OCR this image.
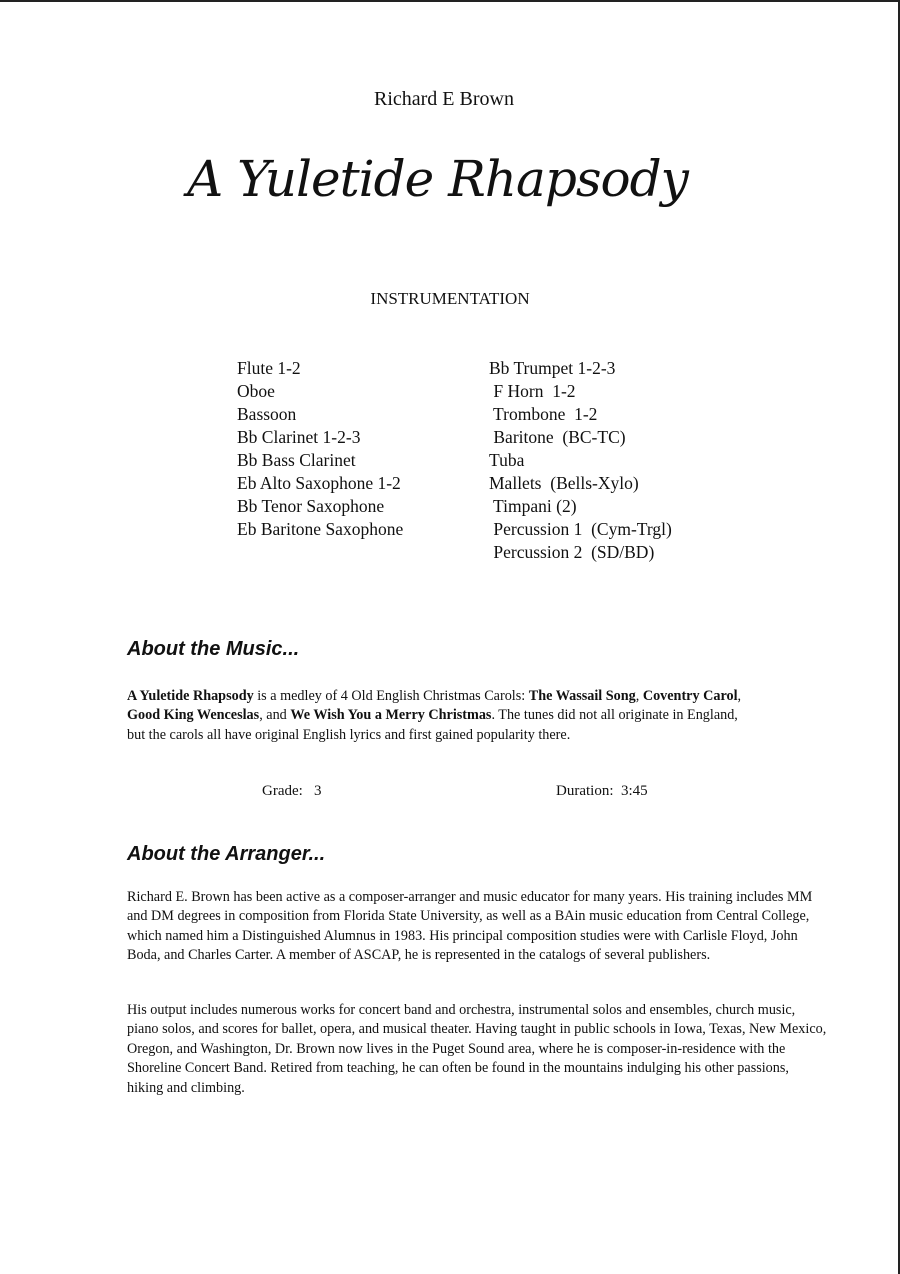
Richard E Brown
A Yuletide Rhapsody
INSTRUMENTATION
Flute 1-2
Oboe
Bassoon
Bb Clarinet 1-2-3
Bb Bass Clarinet
Eb Alto Saxophone 1-2
Bb Tenor Saxophone
Eb Baritone Saxophone
Bb Trumpet 1-2-3
F Horn  1-2
Trombone  1-2
Baritone  (BC-TC)
Tuba
Mallets  (Bells-Xylo)
Timpani (2)
Percussion 1  (Cym-Trgl)
Percussion 2  (SD/BD)
About the Music...
A Yuletide Rhapsody is a medley of 4 Old English Christmas Carols: The Wassail Song, Coventry Carol, Good King Wenceslas, and We Wish You a Merry Christmas. The tunes did not all originate in England, but the carols all have original English lyrics and first gained popularity there.
Grade:   3	Duration:  3:45
About the Arranger...
Richard E. Brown has been active as a composer-arranger and music educator for many years. His training includes MM and DM degrees in composition from Florida State University, as well as a BAin music education from Central College, which named him a Distinguished Alumnus in 1983. His principal composition studies were with Carlisle Floyd, John Boda, and Charles Carter. A member of ASCAP, he is represented in the catalogs of several publishers.
His output includes numerous works for concert band and orchestra, instrumental solos and ensembles, church music, piano solos, and scores for ballet, opera, and musical theater. Having taught in public schools in Iowa, Texas, New Mexico, Oregon, and Washington, Dr. Brown now lives in the Puget Sound area, where he is composer-in-residence with the Shoreline Concert Band. Retired from teaching, he can often be found in the mountains indulging his other passions, hiking and climbing.
